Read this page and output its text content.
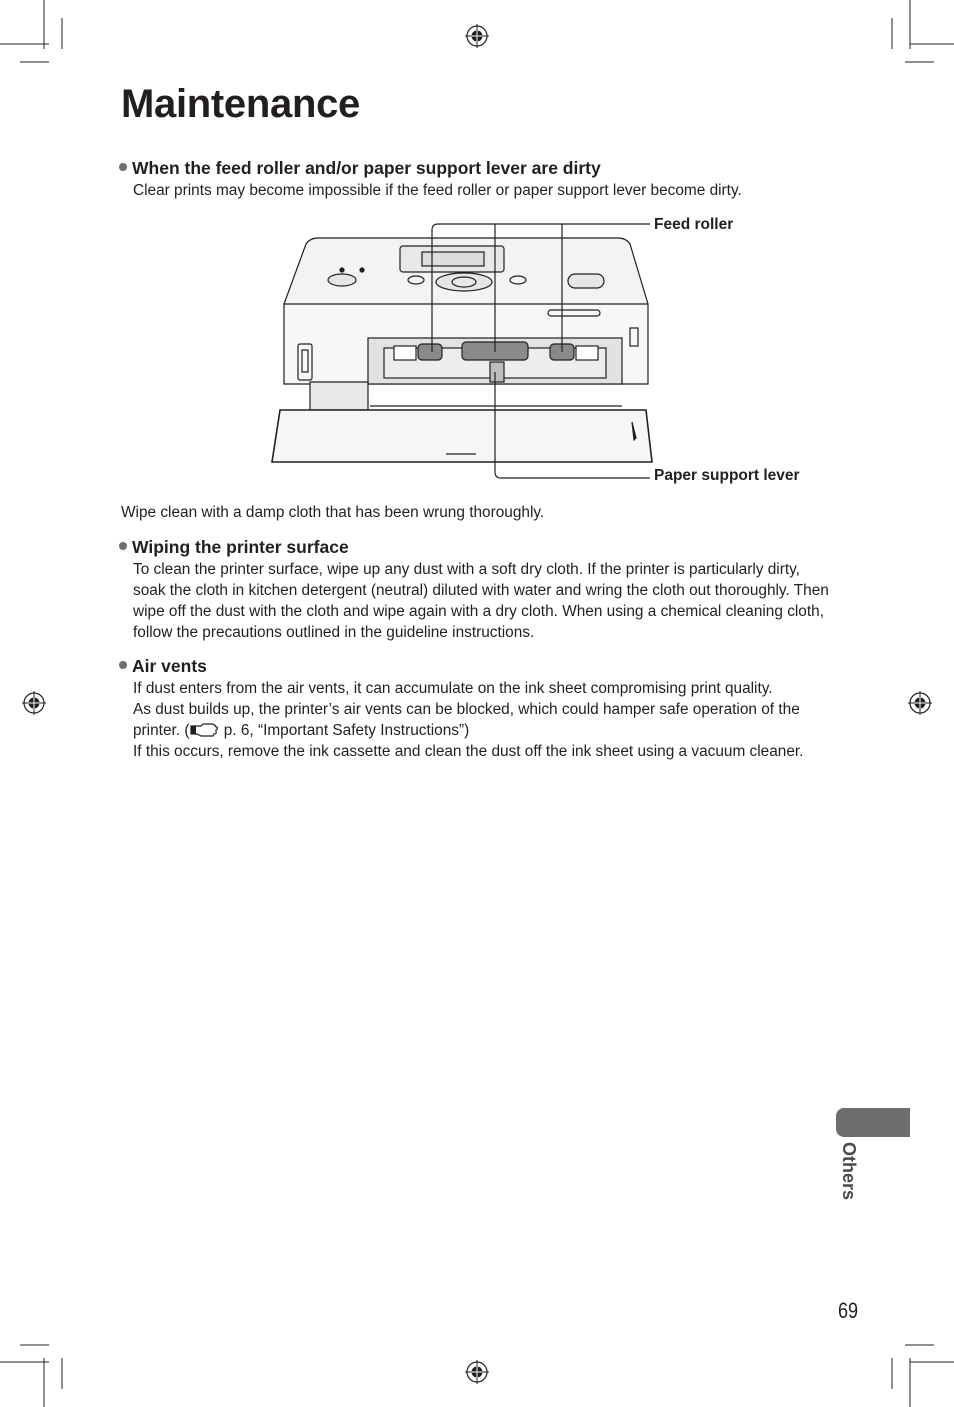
Maintenance
When the feed roller and/or paper support lever are dirty
Clear prints may become impossible if the feed roller or paper support lever become dirty.
Feed roller
Paper support lever
Wipe clean with a damp cloth that has been wrung thoroughly.
Wiping the printer surface
To clean the printer surface, wipe up any dust with a soft dry cloth. If the printer is particularly dirty, soak the cloth in kitchen detergent (neutral) diluted with water and wring the cloth out thoroughly. Then wipe off the dust with the cloth and wipe again with a dry cloth. When using a chemical cleaning cloth, follow the precautions outlined in the guideline instructions.
Air vents

If dust enters from the air vents, it can accumulate on the ink sheet compromising print quality.

As dust builds up, the printer’s air vents can be blocked, which could hamper safe operation of the printer. ( p. 6, “Important Safety Instructions”)

If this occurs, remove the ink cassette and clean the dust off the ink sheet using a vacuum cleaner.

Others
69
